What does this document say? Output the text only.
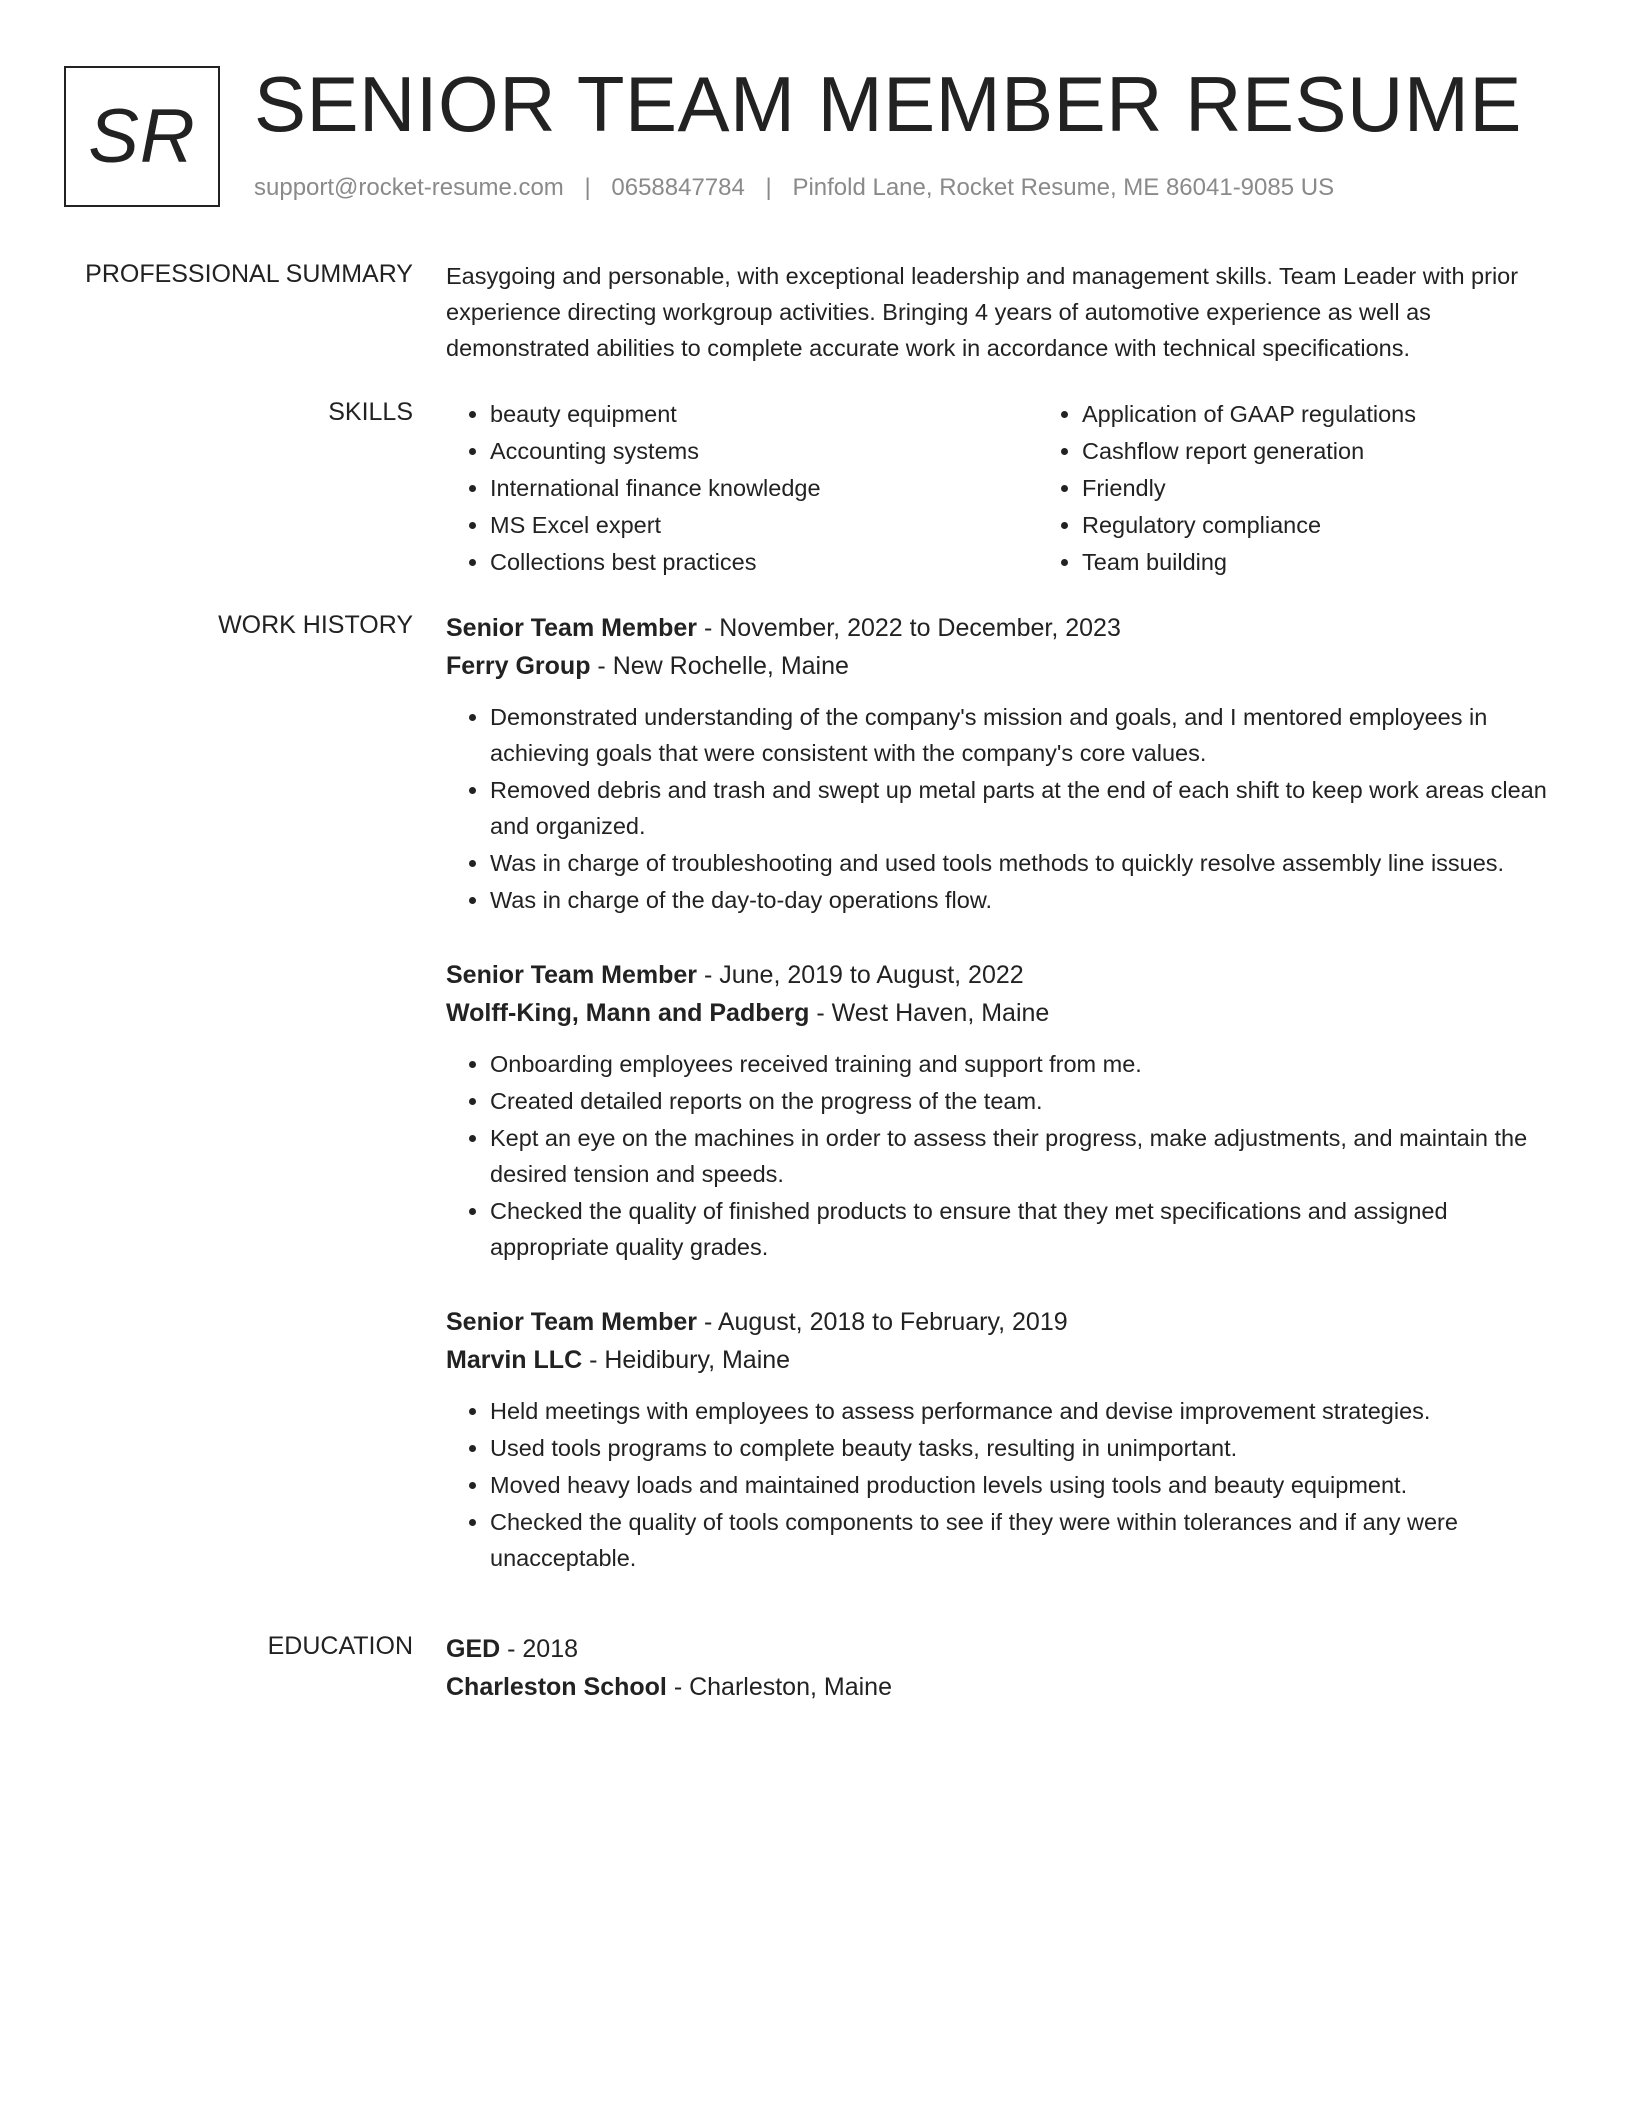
SR SENIOR TEAM MEMBER RESUME
support@rocket-resume.com | 0658847784 | Pinfold Lane, Rocket Resume, ME 86041-9085 US
PROFESSIONAL SUMMARY Easygoing and personable, with exceptional leadership and management skills. Team Leader with prior experience directing workgroup activities. Bringing 4 years of automotive experience as well as demonstrated abilities to complete accurate work in accordance with technical specifications.
SKILLS
•	beauty equipment
• Accounting systems
• International finance knowledge
• MS Excel expert
• Collections best practices
• Application of GAAP regulations
• Cashflow report generation
• Friendly
• Regulatory compliance
• Team building
WORK HISTORY Senior Team Member - November, 2022 to December, 2023
Ferry Group - New Rochelle, Maine
• Demonstrated understanding of the company's mission and goals, and I mentored employees in achieving goals that were consistent with the company's core values.
• Removed debris and trash and swept up metal parts at the end of each shift to keep work areas clean and organized.
• Was in charge of troubleshooting and used tools methods to quickly resolve assembly line issues.
• Was in charge of the day-to-day operations flow.
Senior Team Member - June, 2019 to August, 2022
Wolff-King, Mann and Padberg - West Haven, Maine
• Onboarding employees received training and support from me.
• Created detailed reports on the progress of the team.
• Kept an eye on the machines in order to assess their progress, make adjustments, and maintain the desired tension and speeds.
• Checked the quality of finished products to ensure that they met specifications and assigned appropriate quality grades.
Senior Team Member - August, 2018 to February, 2019
Marvin LLC - Heidibury, Maine
• Held meetings with employees to assess performance and devise improvement strategies.
• Used tools programs to complete beauty tasks, resulting in unimportant.
• Moved heavy loads and maintained production levels using tools and beauty equipment.
• Checked the quality of tools components to see if they were within tolerances and if any were unacceptable.
EDUCATION GED - 2018
Charleston School - Charleston, Maine
